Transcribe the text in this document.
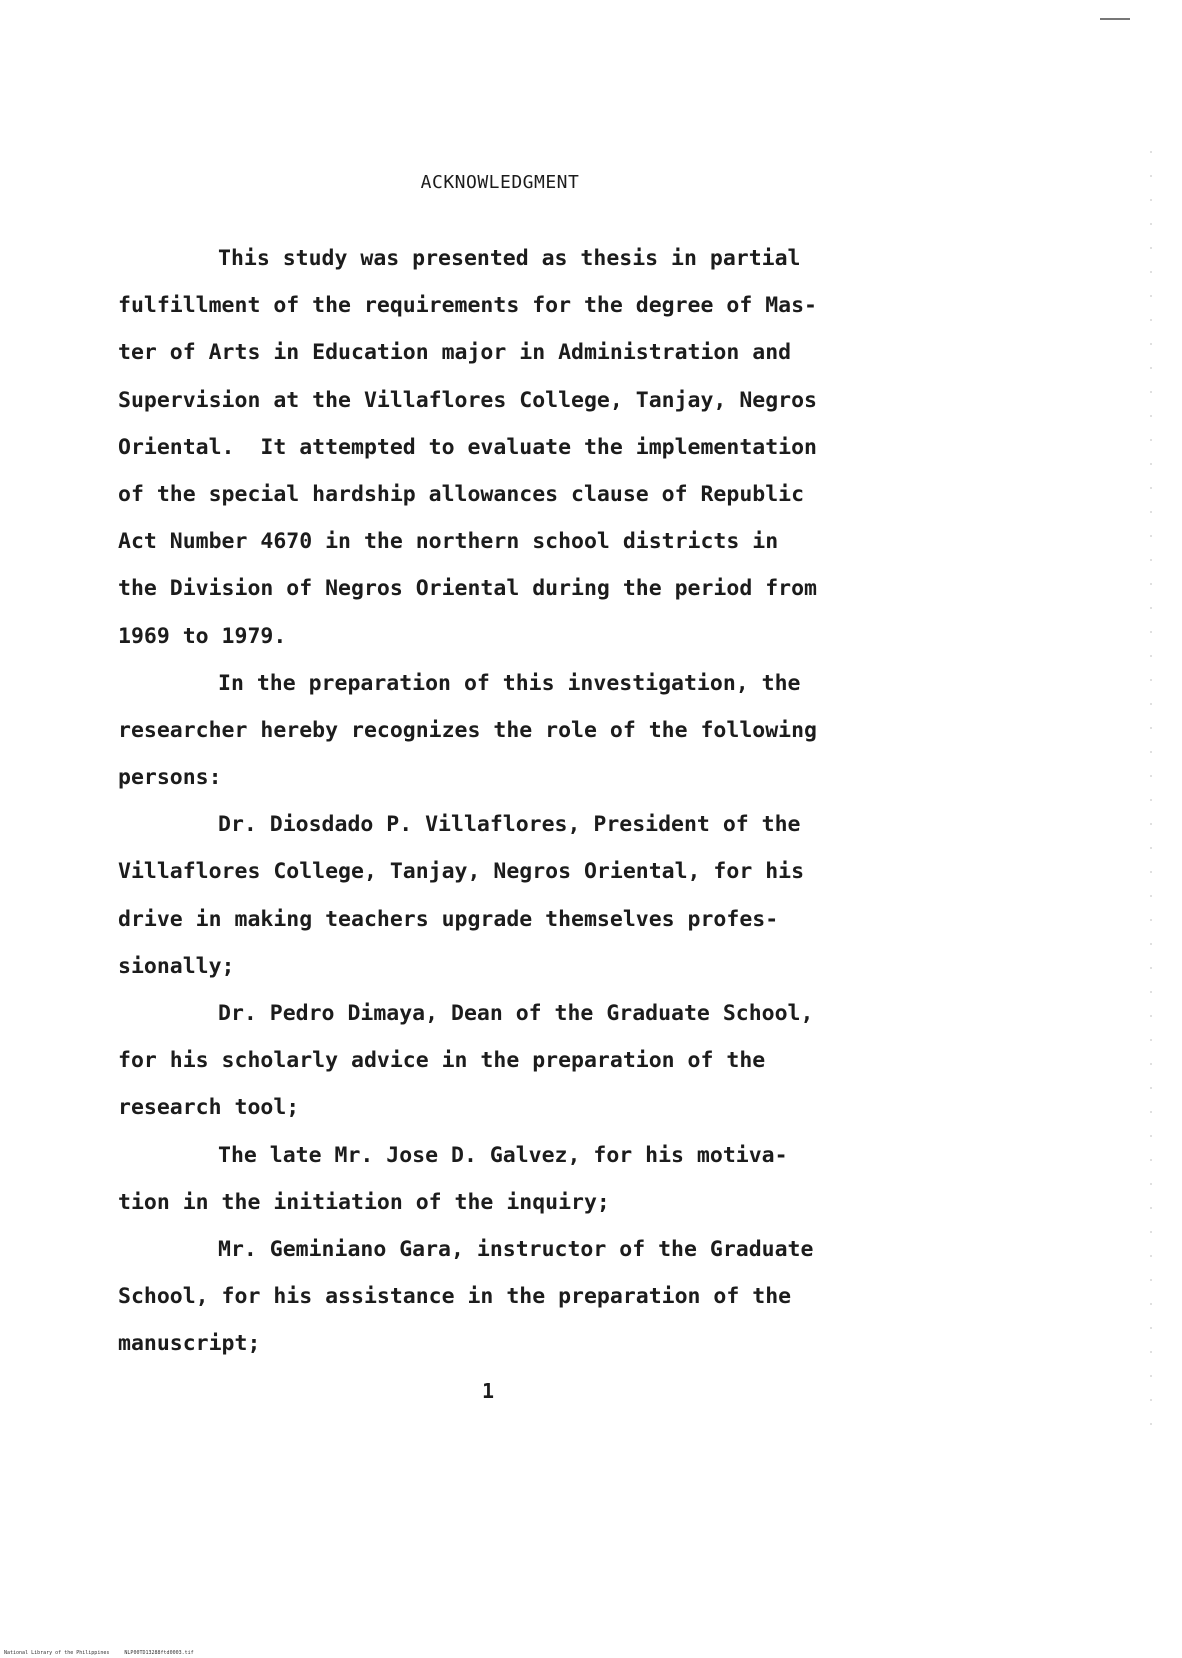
ACKNOWLEDGMENT
This study was presented as thesis in partial
fulfillment of the requirements for the degree of Mas-
ter of Arts in Education major in Administration and
Supervision at the Villaflores College, Tanjay, Negros
Oriental.  It attempted to evaluate the implementation
of the special hardship allowances clause of Republic
Act Number 4670 in the northern school districts in
the Division of Negros Oriental during the period from
1969 to 1979.
In the preparation of this investigation, the
researcher hereby recognizes the role of the following
persons:
Dr. Diosdado P. Villaflores, President of the
Villaflores College, Tanjay, Negros Oriental, for his
drive in making teachers upgrade themselves profes-
sionally;
Dr. Pedro Dimaya, Dean of the Graduate School,
for his scholarly advice in the preparation of the
research tool;
The late Mr. Jose D. Galvez, for his motiva-
tion in the initiation of the inquiry;
Mr. Geminiano Gara, instructor of the Graduate
School, for his assistance in the preparation of the
manuscript;
1
National Library of the Philippines     NLP00TD13288ftd0003.tif
